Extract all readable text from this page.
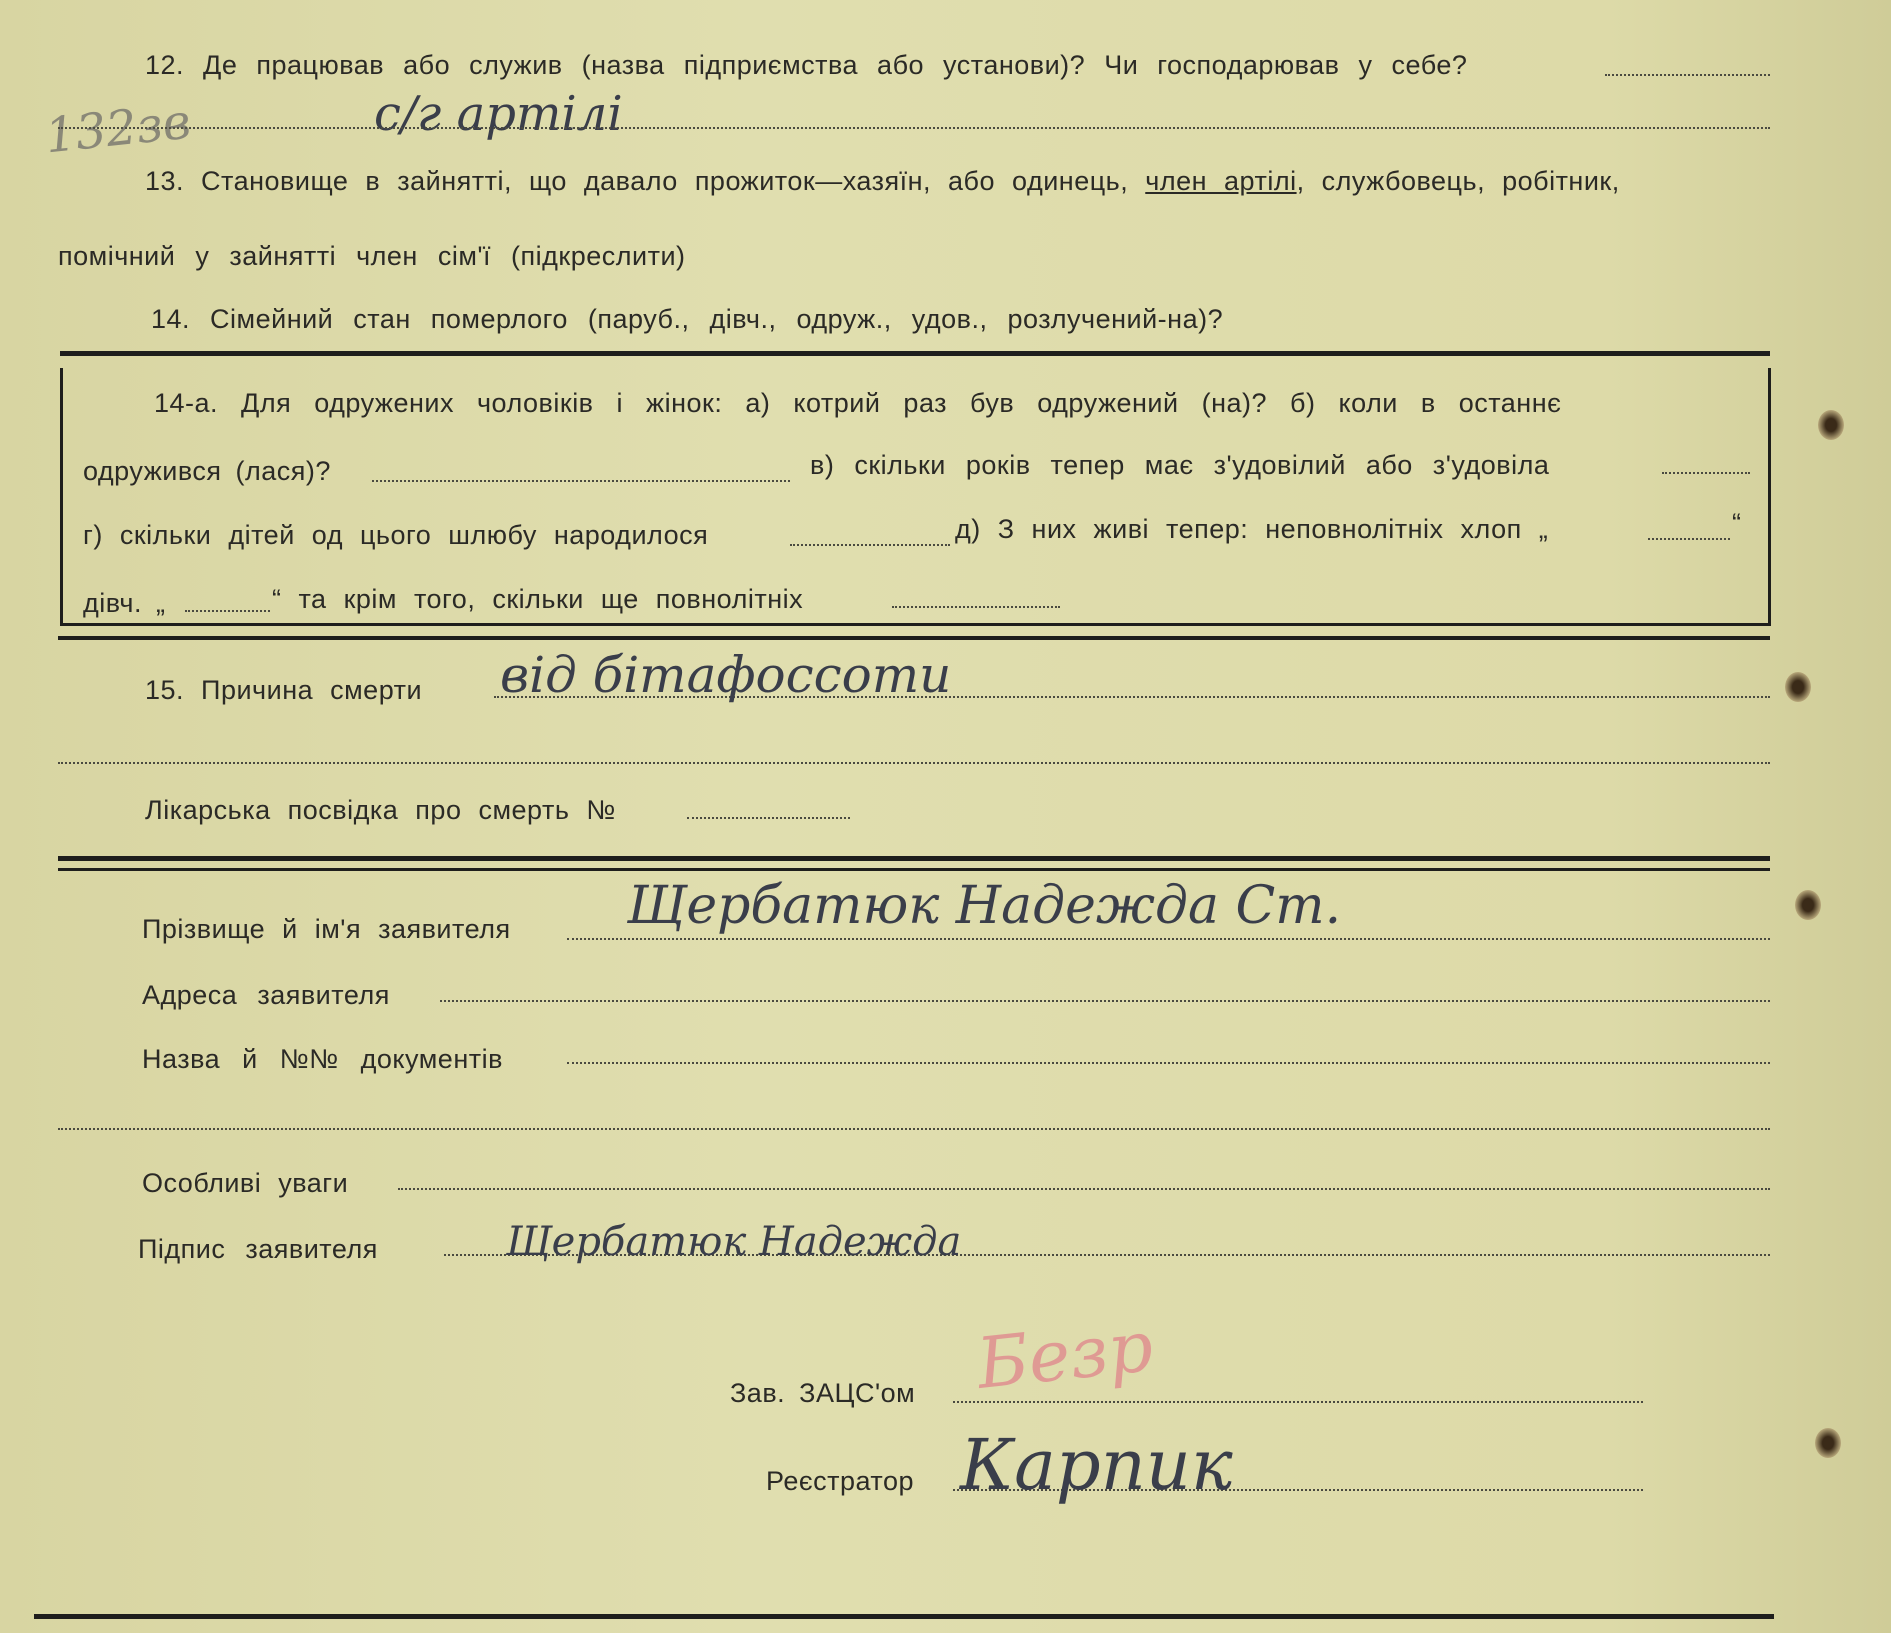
132зв
12. Де працював або служив (назва підприємства або установи)? Чи господарював у себе?
с/г артілі
13. Становище в зайнятті, що давало прожиток—хазяїн, або одинець, член артілі, службовець, робітник,
помічний у зайнятті член сім'ї (підкреслити)
14. Сімейний стан померлого (паруб., дівч., одруж., удов., розлучений-на)?
14-а. Для одружених чоловіків і жінок: а) котрий раз був одружений (на)? б) коли в останнє
одружився (лася)?	в) скільки років тепер має з'удовілий або з'удовіла
г) скільки дітей од цього шлюбу народилося	д) З них живі тепер: неповнолітніх хлоп „	“
дівч. „	“ та крім того, скільки ще повнолітніх
15. Причина смерти від бітафоссоти
Лікарська посвідка про смерть №
Прізвище й ім'я заявителя Щербатюк Надежда Ст.
Адреса заявителя
Назва й №№ документів
Особливі уваги
Підпис заявителя	Щербатюк Надежда
Безр
Зав. ЗАЦС'ом
Реєстратор Карпик
